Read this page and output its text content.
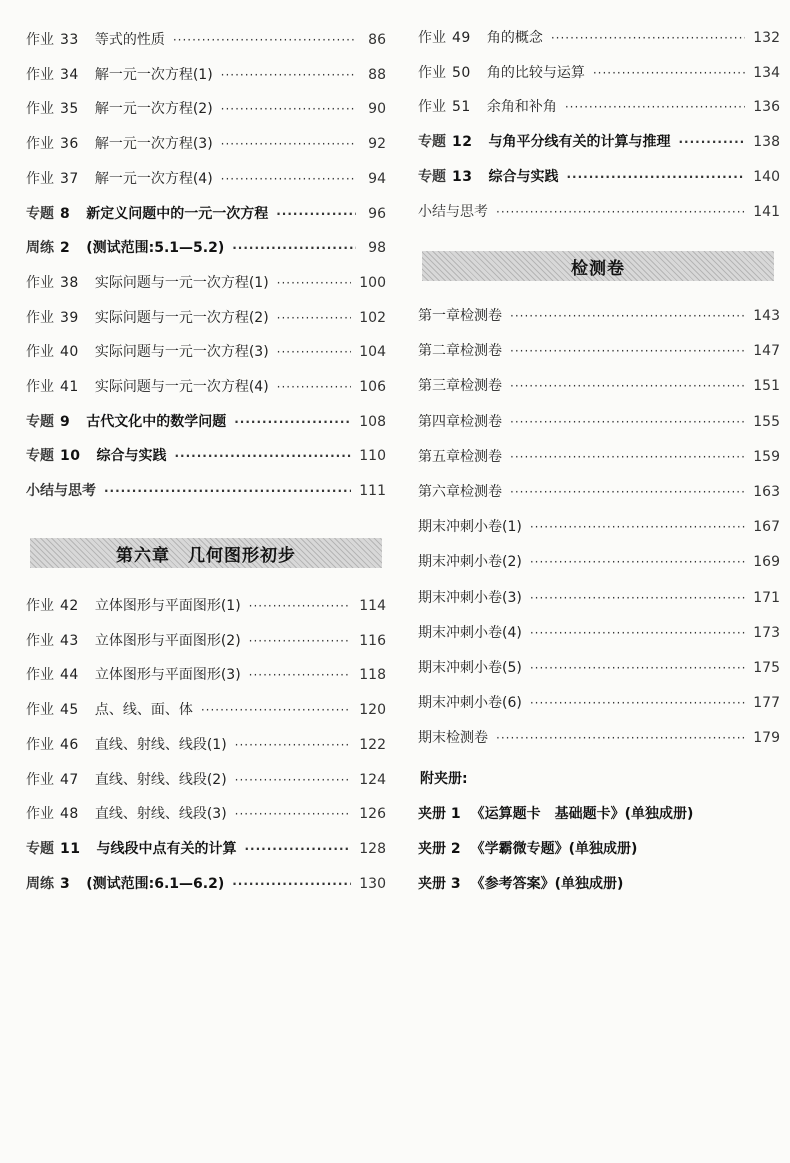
作业 33 等式的性质 ·····	86
作业 34 解一元一次方程(1) ·····	88
作业 35 解一元一次方程(2) ·····	90
作业 36 解一元一次方程(3) ·····	92
作业 37 解一元一次方程(4) ·····	94
专题 8 新定义问题中的一元一次方程 ·····	96
周练 2 (测试范围:5.1—5.2) ·····	98
作业 38 实际问题与一元一次方程(1) ·····	100
作业 39 实际问题与一元一次方程(2) ·····	102
作业 40 实际问题与一元一次方程(3) ·····	104
作业 41 实际问题与一元一次方程(4) ·····	106
专题 9 古代文化中的数学问题 ·····	108
专题 10 综合与实践 ·····	110
小结与思考 ·····	111
第六章　几何图形初步
作业 42 立体图形与平面图形(1) ·····	114
作业 43 立体图形与平面图形(2) ·····	116
作业 44 立体图形与平面图形(3) ·····	118
作业 45 点、线、面、体 ·····	120
作业 46 直线、射线、线段(1) ·····	122
作业 47 直线、射线、线段(2) ·····	124
作业 48 直线、射线、线段(3) ·····	126
专题 11 与线段中点有关的计算 ·····	128
周练 3 (测试范围:6.1—6.2) ·····	130
作业 49 角的概念 ·····	132
作业 50 角的比较与运算 ·····	134
作业 51 余角和补角 ·····	136
专题 12 与角平分线有关的计算与推理 ·····	138
专题 13 综合与实践 ·····	140
小结与思考 ·····	141
检测卷
第一章检测卷 ·····	143
第二章检测卷 ·····	147
第三章检测卷 ·····	151
第四章检测卷 ·····	155
第五章检测卷 ·····	159
第六章检测卷 ·····	163
期末冲刺小卷(1) ·····	167
期末冲刺小卷(2) ·····	169
期末冲刺小卷(3) ·····	171
期末冲刺小卷(4) ·····	173
期末冲刺小卷(5) ·····	175
期末冲刺小卷(6) ·····	177
期末检测卷 ·····	179
附夹册:
夹册 1 《运算题卡　基础题卡》(单独成册)
夹册 2 《学霸微专题》(单独成册)
夹册 3 《参考答案》(单独成册)
